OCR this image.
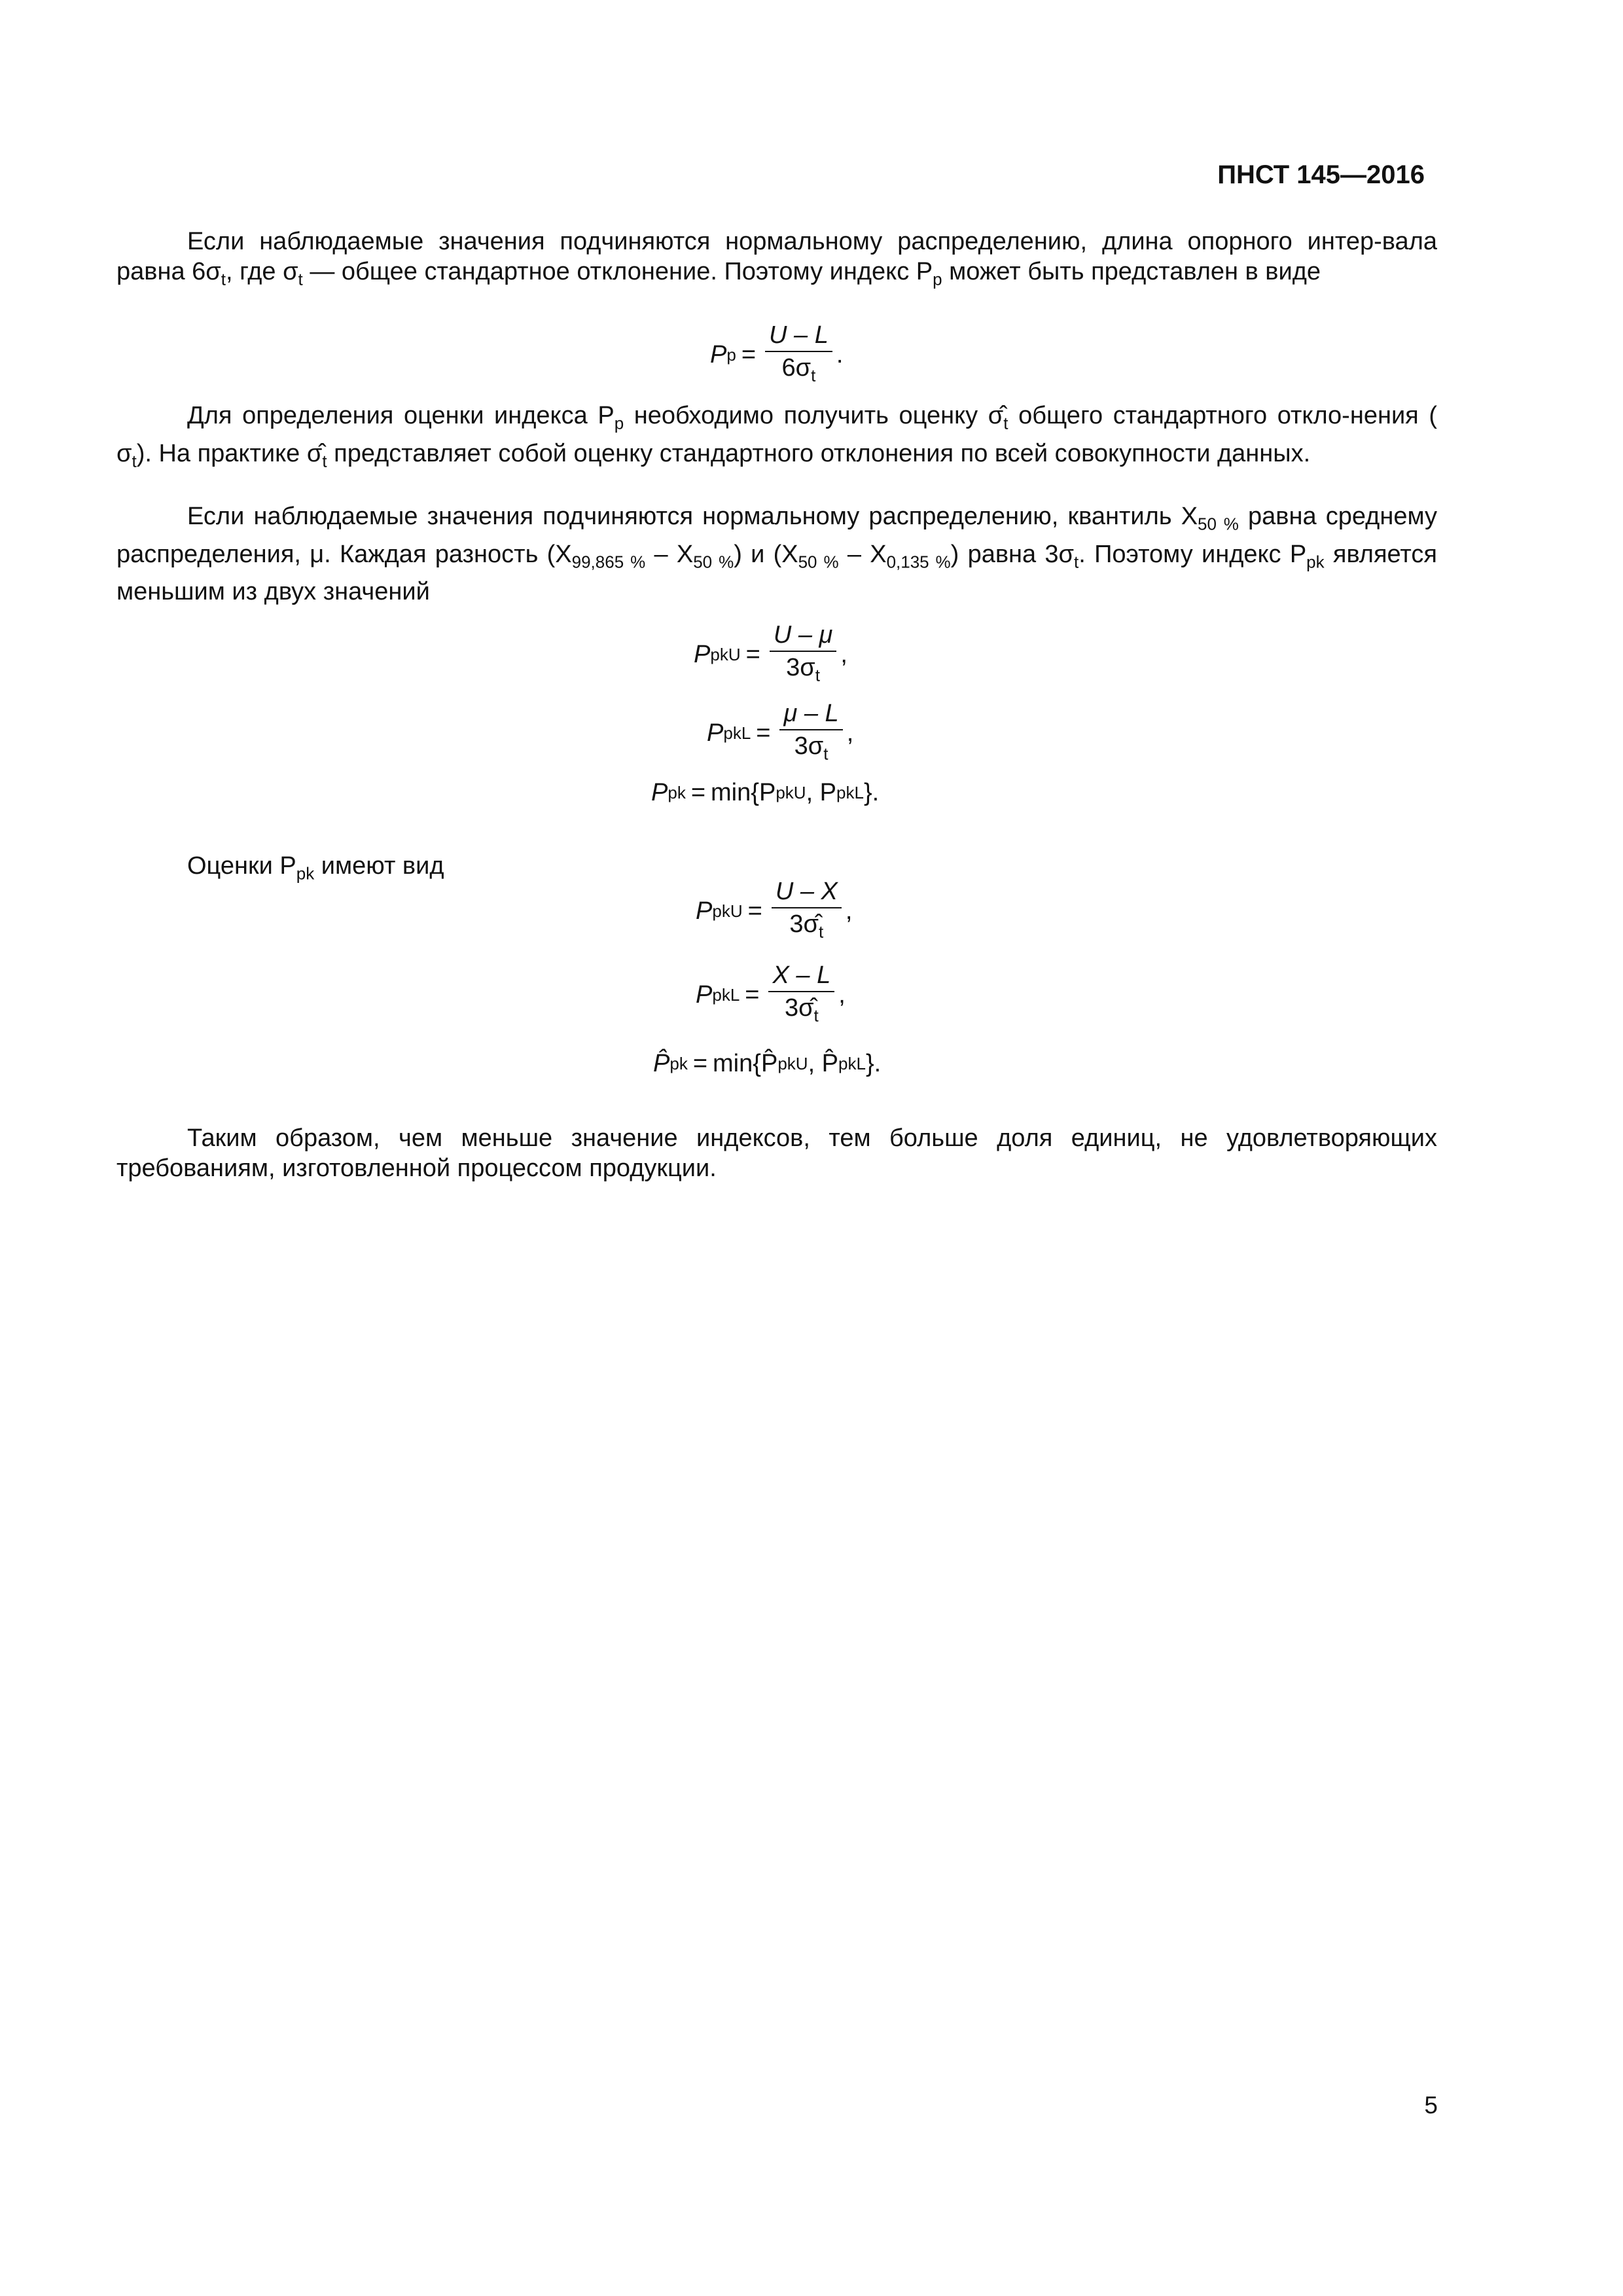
ПНСТ 145—2016
Если наблюдаемые значения подчиняются нормальному распределению, длина опорного интер-вала равна $6\sigma_t$, где $\sigma_t$ — общее стандартное отклонение. Поэтому индекс $P_p$ может быть представлен в виде
P $p = \frac{U - L}{6\sigma_t}$ .
Для определения оценки индекса $P_p$ необходимо получить оценку $\sigmâ_t$ общего стандартного откло-нения ( $\sigma_t$). На практике $\sigmâ_t$ представляет собой оценку стандартного отклонения по всей совокупности данных.
Если наблюдаемые значения подчиняются нормальному распределению, квантиль $X_{50 \%}$ равна среднему распределения, μ. Каждая разность $(X_{99,865 \%} - X_{50 \%})$ и $(X_{50 \%} - X_{0,135 \%})$ равна $3\sigma_t$. Поэтому индекс $P_{pk}$ является меньшим из двух значений
P pkU = $\frac{U - \mu}{3\sigma_t}$ ,
P pkL = $\frac{\mu - L}{3\sigma_t}$ ,
P pk = min{P pkU , P pkL }.
Оценки $P_{pk}$ имеют вид
P pkU = $\frac{U - X}{3\sigmâ_t}$ ,
P pkL = $\frac{X - L}{3\sigmâ_t}$ ,
P̂ pk = min{P̂ pkU , P̂ pkL }.
Таким образом, чем меньше значение индексов, тем больше доля единиц, не удовлетворяющих требованиям, изготовленной процессом продукции.
5
